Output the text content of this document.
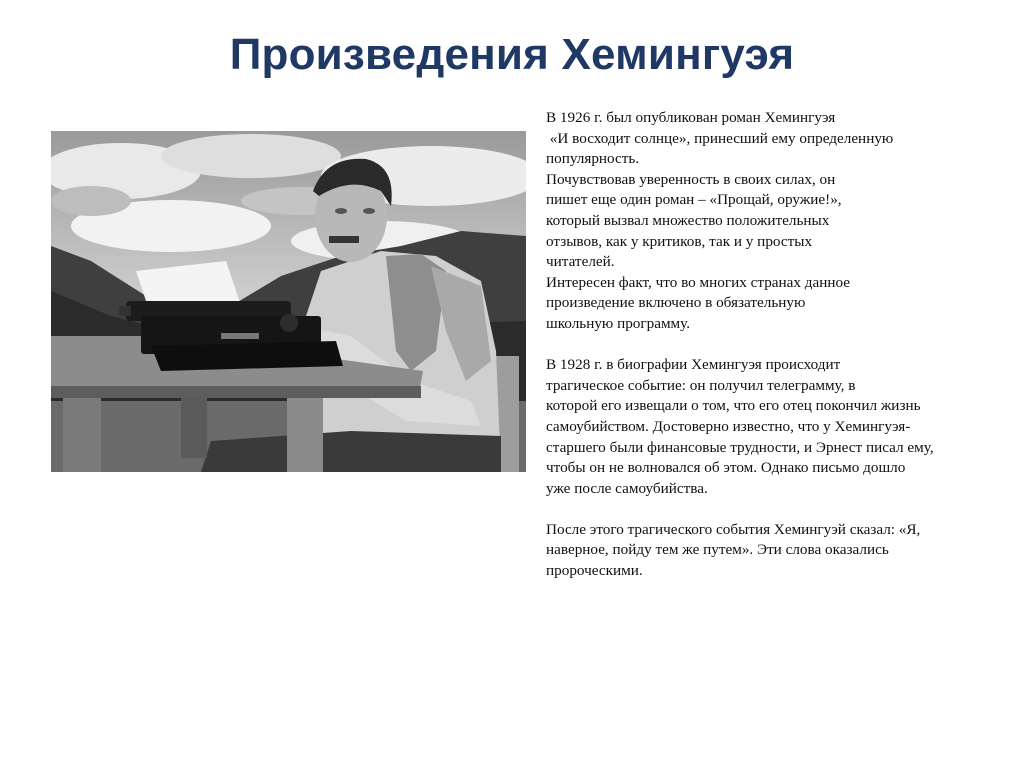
Произведения Хемингуэя
В 1926 г. был опубликован роман Хемингуэя
«И восходит солнце», принесший ему определенную
популярность.
Почувствовав уверенность в своих силах, он
пишет еще один роман – «Прощай, оружие!»,
который вызвал множество положительных
отзывов, как у критиков, так и у простых
читателей.
Интересен факт, что во многих странах данное
произведение включено в обязательную
школьную программу.
В 1928 г. в биографии Хемингуэя происходит
трагическое событие: он получил телеграмму, в
которой его извещали о том, что его отец покончил жизнь
самоубийством. Достоверно известно, что у Хемингуэя-
старшего были финансовые трудности, и Эрнест писал ему,
чтобы он не волновался об этом. Однако письмо дошло
уже после самоубийства.
После этого трагического события Хемингуэй сказал: «Я,
наверное, пойду тем же путем». Эти слова оказались
пророческими.
